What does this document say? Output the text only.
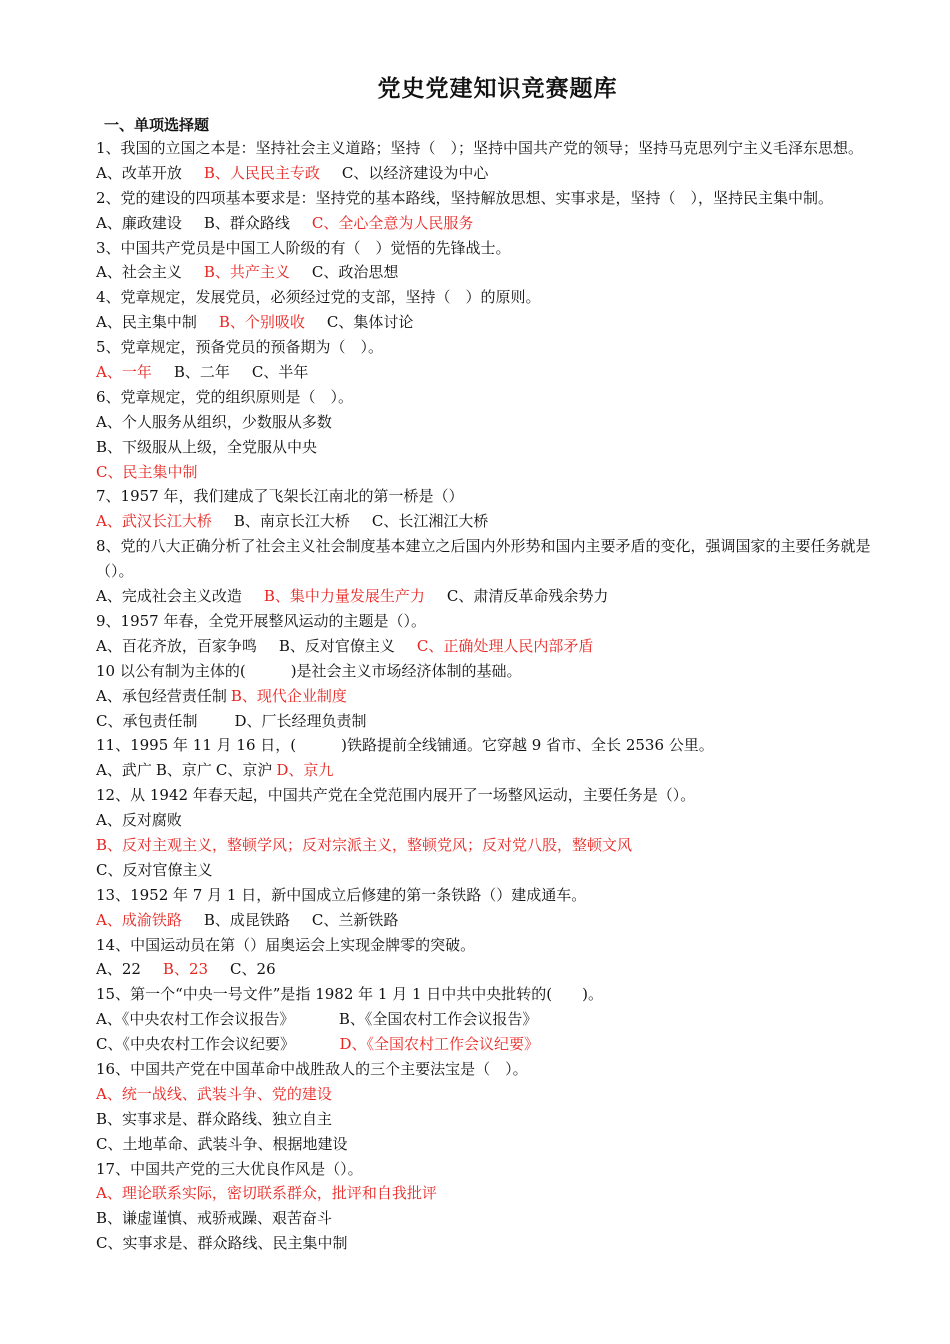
党史党建知识竞赛题库
一、单项选择题
1、我国的立国之本是：坚持社会主义道路；坚持（　）；坚持中国共产党的领导；坚持马克思列宁主义毛泽东思想。
A、改革开放 B、人民民主专政 C、以经济建设为中心
2、党的建设的四项基本要求是：坚持党的基本路线，坚持解放思想、实事求是，坚持（　），坚持民主集中制。
A、廉政建设 B、群众路线 C、全心全意为人民服务
3、中国共产党员是中国工人阶级的有（　）觉悟的先锋战士。
A、社会主义 B、共产主义 C、政治思想
4、党章规定，发展党员，必须经过党的支部，坚持（　）的原则。
A、民主集中制 B、个别吸收 C、集体讨论
5、党章规定，预备党员的预备期为（　）。
A、一年 B、二年 C、半年
6、党章规定，党的组织原则是（　）。
A、个人服务从组织，少数服从多数
B、下级服从上级，全党服从中央
C、民主集中制
7、1957 年，我们建成了飞架长江南北的第一桥是（）
A、武汉长江大桥 B、南京长江大桥 C、长江湘江大桥
8、党的八大正确分析了社会主义社会制度基本建立之后国内外形势和国内主要矛盾的变化，强调国家的主要任务就是（）。
A、完成社会主义改造 B、集中力量发展生产力 C、肃清反革命残余势力
9、1957 年春，全党开展整风运动的主题是（）。
A、百花齐放，百家争鸣 B、反对官僚主义 C、正确处理人民内部矛盾
10 以公有制为主体的(　　　)是社会主义市场经济体制的基础。
A、承包经营责任制 B、现代企业制度
C、承包责任制　D、厂长经理负责制
11、1995 年 11 月 16 日，(　　　)铁路提前全线铺通。它穿越 9 省市、全长 2536 公里。
A、武广 B、京广 C、京沪 D、京九
12、从 1942 年春天起，中国共产党在全党范围内展开了一场整风运动，主要任务是（）。
A、反对腐败
B、反对主观主义，整顿学风；反对宗派主义，整顿党风；反对党八股，整顿文风
C、反对官僚主义
13、1952 年 7 月 1 日，新中国成立后修建的第一条铁路（）建成通车。
A、成渝铁路 B、成昆铁路 C、兰新铁路
14、中国运动员在第（）届奥运会上实现金牌零的突破。
A、22 B、23 C、26
15、第一个“中央一号文件”是指 1982 年 1 月 1 日中共中央批转的(　　)。
A、《中央农村工作会议报告》　　B、《全国农村工作会议报告》
C、《中央农村工作会议纪要》　　D、《全国农村工作会议纪要》
16、中国共产党在中国革命中战胜敌人的三个主要法宝是（　）。
A、统一战线、武装斗争、党的建设
B、实事求是、群众路线、独立自主
C、土地革命、武装斗争、根据地建设
17、中国共产党的三大优良作风是（）。
A、理论联系实际，密切联系群众，批评和自我批评
B、谦虚谨慎、戒骄戒躁、艰苦奋斗
C、实事求是、群众路线、民主集中制
